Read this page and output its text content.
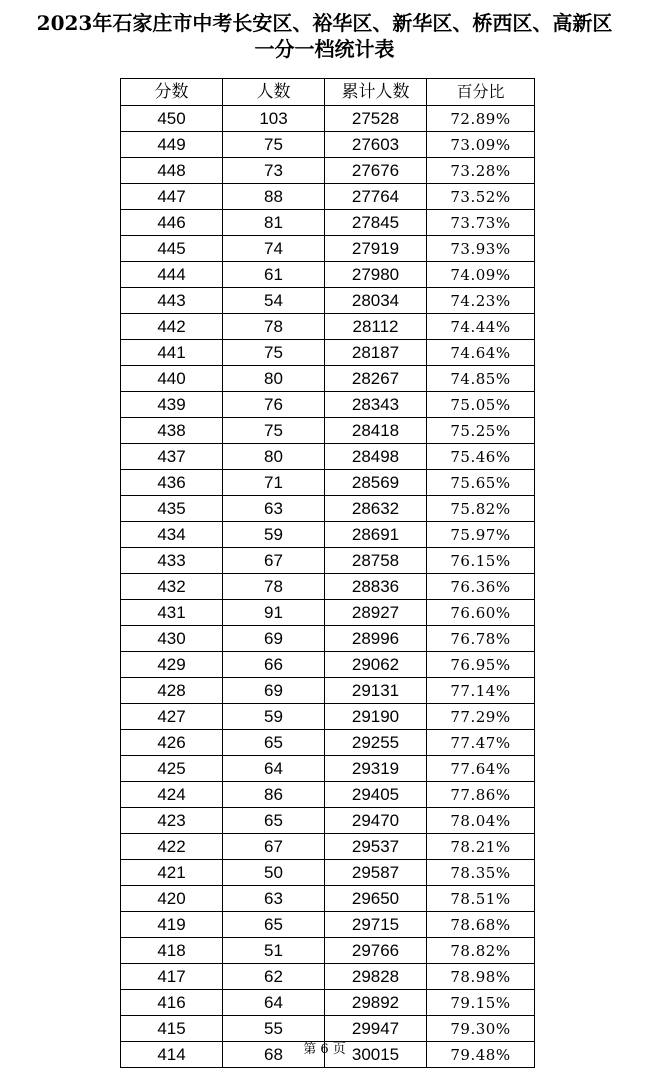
2023年石家庄市中考长安区、裕华区、新华区、桥西区、高新区
一分一档统计表
分数	人数	累计人数	百分比
450	103	27528	72.89%
449	75	27603	73.09%
448	73	27676	73.28%
447	88	27764	73.52%
446	81	27845	73.73%
445	74	27919	73.93%
444	61	27980	74.09%
443	54	28034	74.23%
442	78	28112	74.44%
441	75	28187	74.64%
440	80	28267	74.85%
439	76	28343	75.05%
438	75	28418	75.25%
437	80	28498	75.46%
436	71	28569	75.65%
435	63	28632	75.82%
434	59	28691	75.97%
433	67	28758	76.15%
432	78	28836	76.36%
431	91	28927	76.60%
430	69	28996	76.78%
429	66	29062	76.95%
428	69	29131	77.14%
427	59	29190	77.29%
426	65	29255	77.47%
425	64	29319	77.64%
424	86	29405	77.86%
423	65	29470	78.04%
422	67	29537	78.21%
421	50	29587	78.35%
420	63	29650	78.51%
419	65	29715	78.68%
418	51	29766	78.82%
417	62	29828	78.98%
416	64	29892	79.15%
415	55	29947	79.30%
414	68	30015	79.48%
第 6 页
